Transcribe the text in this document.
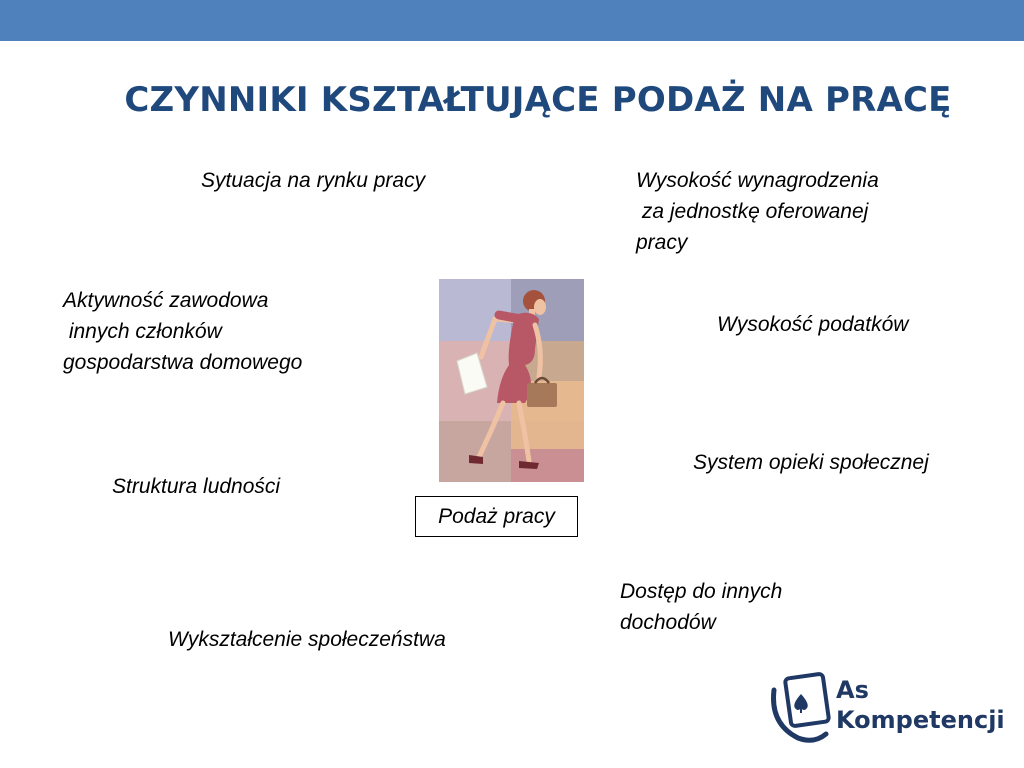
CZYNNIKI KSZTAŁTUJĄCE PODAŻ NA PRACĘ
Sytuacja na rynku pracy	Wysokość wynagrodzenia
za jednostkę oferowanej
pracy
Aktywność zawodowa
innych członków
gospodarstwa domowego
Wysokość podatków
System opieki społecznej
Struktura ludności
Dostęp do innych
dochodów
Wykształcenie społeczeństwa
Podaż pracy
As
Kompetencji
